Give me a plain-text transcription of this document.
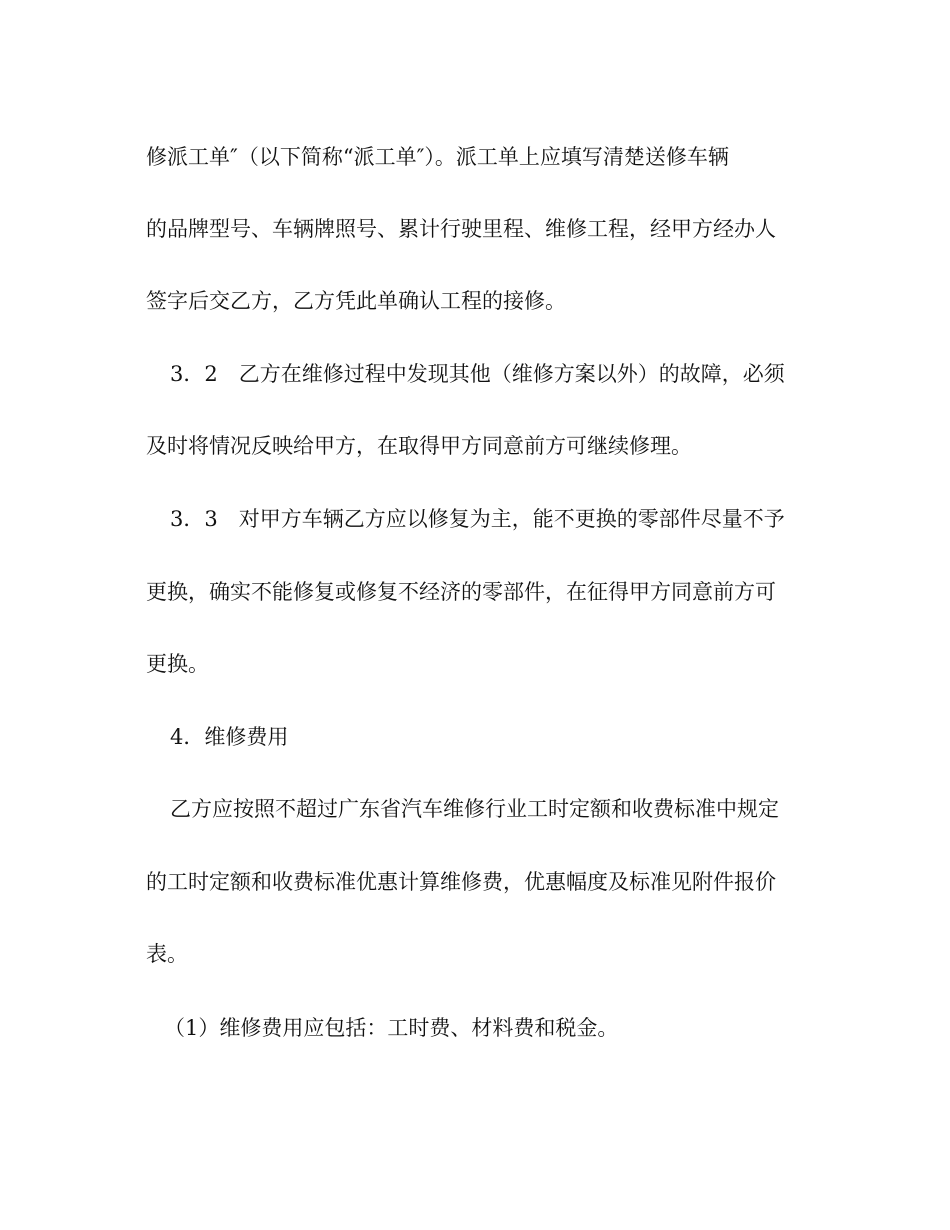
修派工单″（以下简称“派工单″）。派工单上应填写清楚送修车辆
的品牌型号、车辆牌照号、累计行驶里程、维修工程，经甲方经办人
签字后交乙方，乙方凭此单确认工程的接修。
3．2　乙方在维修过程中发现其他（维修方案以外）的故障，必须
及时将情况反映给甲方，在取得甲方同意前方可继续修理。
3．3　对甲方车辆乙方应以修复为主，能不更换的零部件尽量不予
更换，确实不能修复或修复不经济的零部件，在征得甲方同意前方可
更换。
4．维修费用
乙方应按照不超过广东省汽车维修行业工时定额和收费标准中规定
的工时定额和收费标准优惠计算维修费，优惠幅度及标准见附件报价
表。
（1）维修费用应包括：工时费、材料费和税金。
